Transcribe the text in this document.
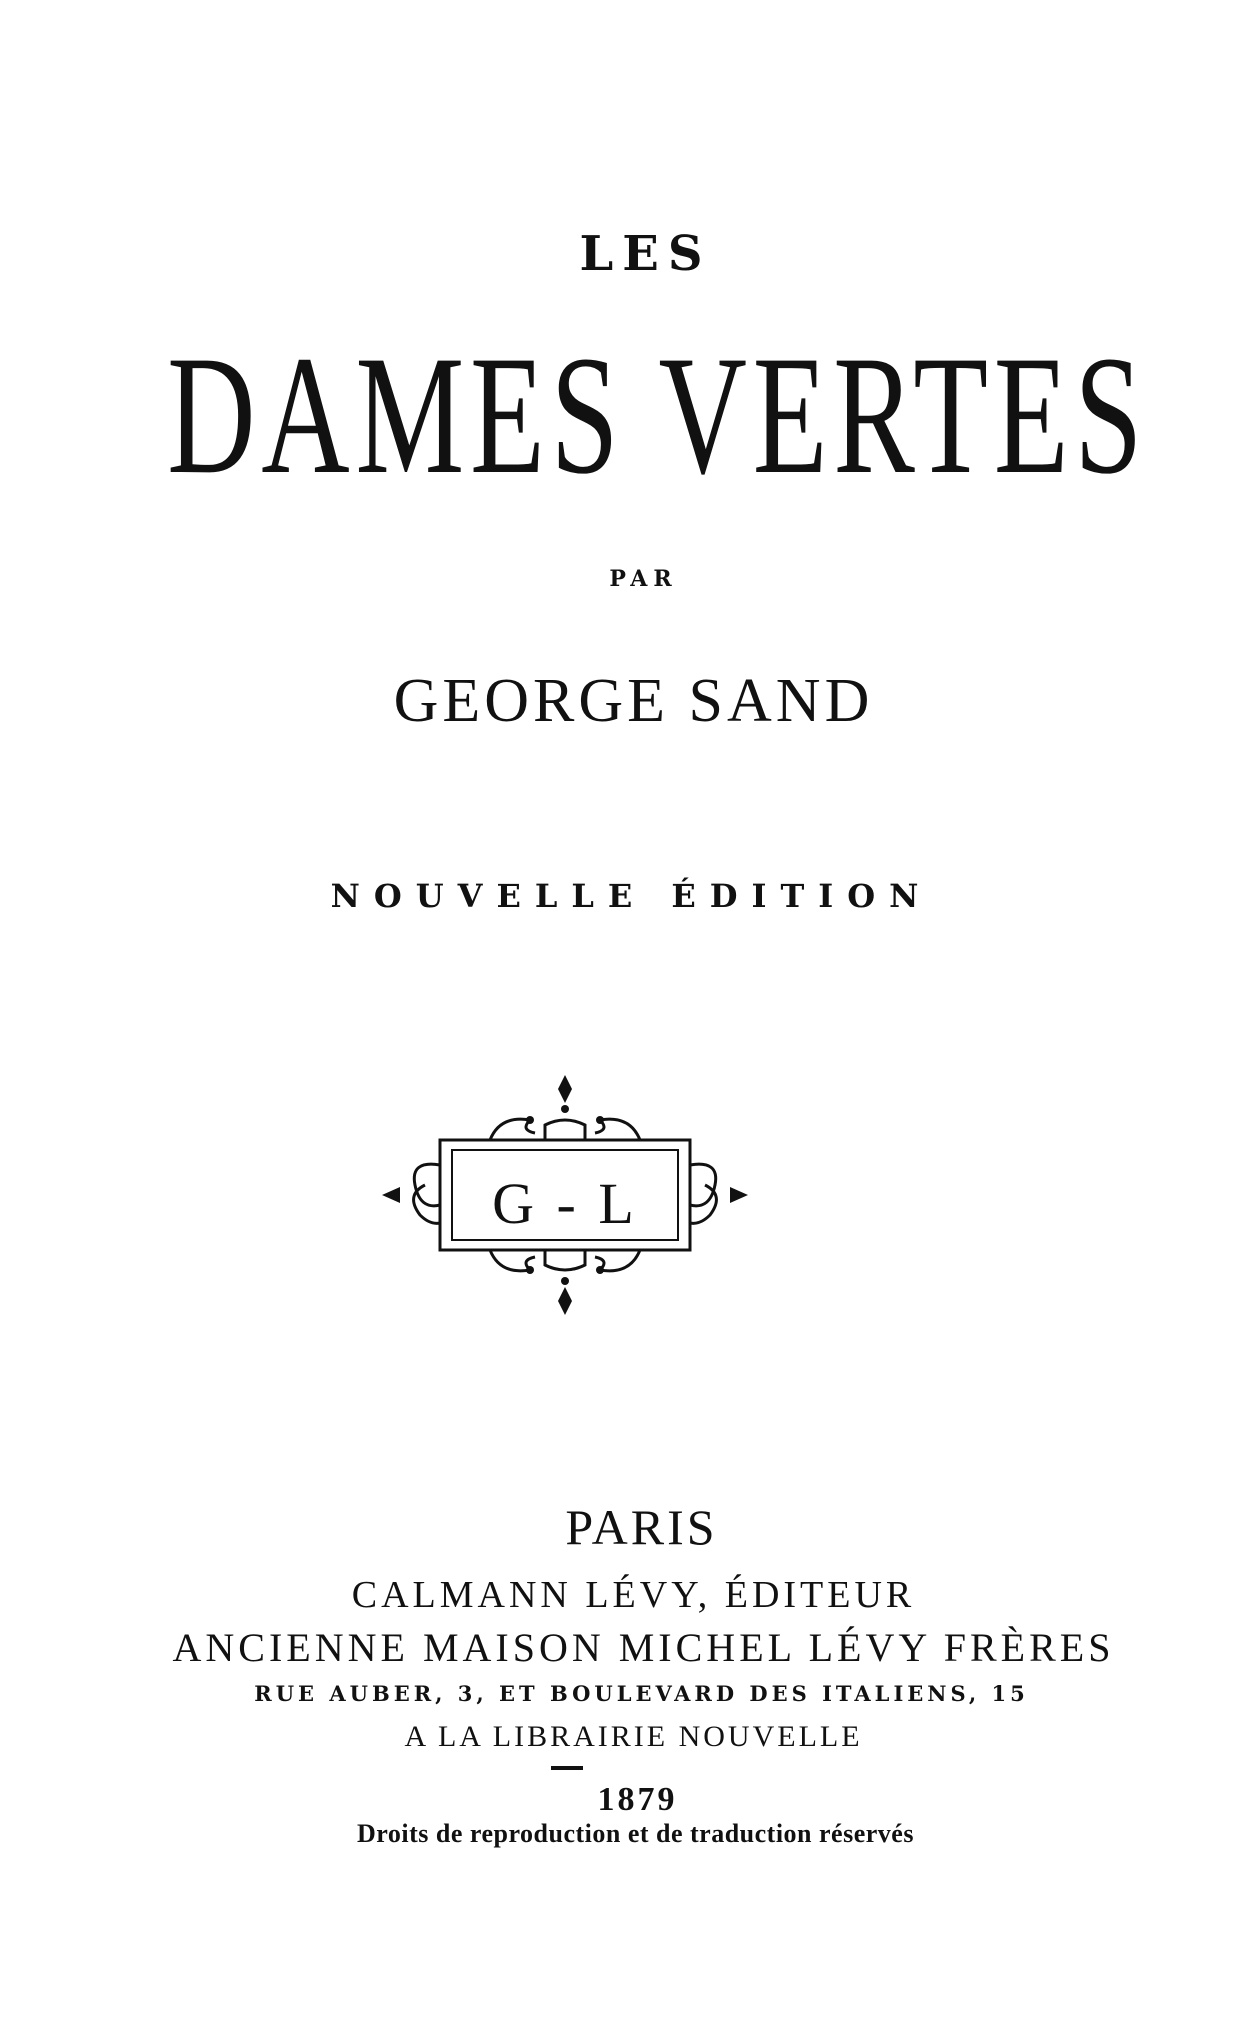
LES
DAMES VERTES
PAR
GEORGE SAND
NOUVELLE ÉDITION
G - L
PARIS
CALMANN LÉVY, ÉDITEUR
ANCIENNE MAISON MICHEL LÉVY FRÈRES
RUE AUBER, 3, ET BOULEVARD DES ITALIENS, 15
A LA LIBRAIRIE NOUVELLE
1879
Droits de reproduction et de traduction réservés
